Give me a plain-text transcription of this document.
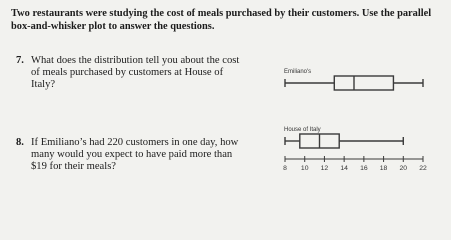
Two restaurants were studying the cost of meals purchased by their customers. Use the parallel box-and-whisker plot to answer the questions.
7. What does the distribution tell you about the cost of meals purchased by customers at House of Italy?
8. If Emiliano’s had 220 customers in one day, how many would you expect to have paid more than $19 for their meals?
Emiliano's
House of Italy
8 10 12 14 16 18 20 22
